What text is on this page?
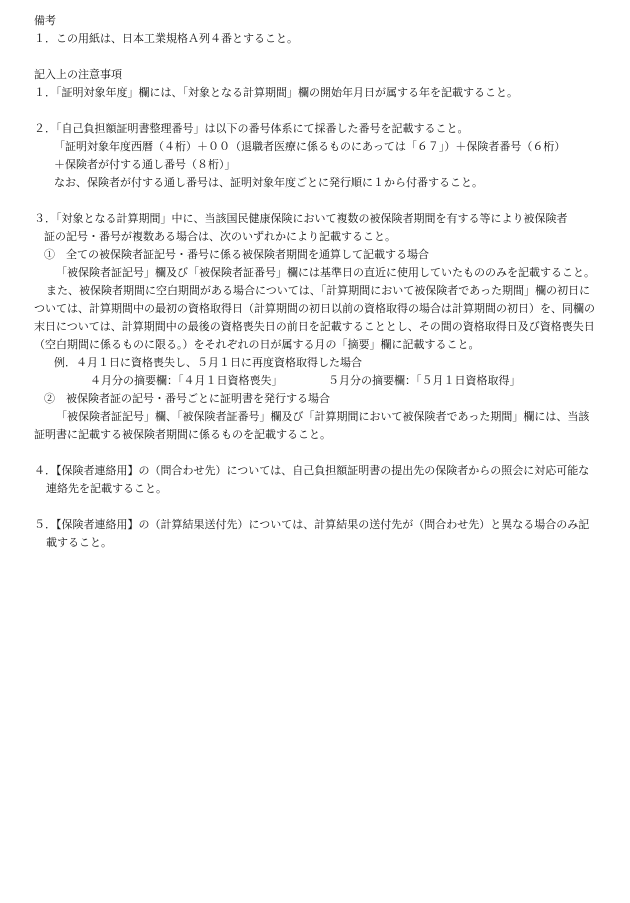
備考
１．この用紙は、日本工業規格Ａ列４番とすること。
記入上の注意事項
１．「証明対象年度」欄には、「対象となる計算期間」欄の開始年月日が属する年を記載すること。
２．「自己負担額証明書整理番号」は以下の番号体系にて採番した番号を記載すること。
「証明対象年度西暦（４桁）＋００（退職者医療に係るものにあっては「６７」）＋保険者番号（６桁）
＋保険者が付する通し番号（８桁）」
なお、保険者が付する通し番号は、証明対象年度ごとに発行順に１から付番すること。
３．「対象となる計算期間」中に、当該国民健康保険において複数の被保険者期間を有する等により被保険者
証の記号・番号が複数ある場合は、次のいずれかにより記載すること。
①　全ての被保険者証記号・番号に係る被保険者期間を通算して記載する場合
「被保険者証記号」欄及び「被保険者証番号」欄には基準日の直近に使用していたもののみを記載すること。
また、被保険者期間に空白期間がある場合については、「計算期間において被保険者であった期間」欄の初日については、計算期間中の最初の資格取得日（計算期間の初日以前の資格取得の場合は計算期間の初日）を、同欄の末日については、計算期間中の最後の資格喪失日の前日を記載することとし、その間の資格取得日及び資格喪失日（空白期間に係るものに限る。）をそれぞれの日が属する月の「摘要」欄に記載すること。
例．４月１日に資格喪失し、５月１日に再度資格取得した場合
４月分の摘要欄：「４月１日資格喪失」	５月分の摘要欄：「５月１日資格取得」
②　被保険者証の記号・番号ごとに証明書を発行する場合
「被保険者証記号」欄、「被保険者証番号」欄及び「計算期間において被保険者であった期間」欄には、当該証明書に記載する被保険者期間に係るものを記載すること。
４．【保険者連絡用】の（問合わせ先）については、自己負担額証明書の提出先の保険者からの照会に対応可能な連絡先を記載すること。
５．【保険者連絡用】の（計算結果送付先）については、計算結果の送付先が（問合わせ先）と異なる場合のみ記載すること。
